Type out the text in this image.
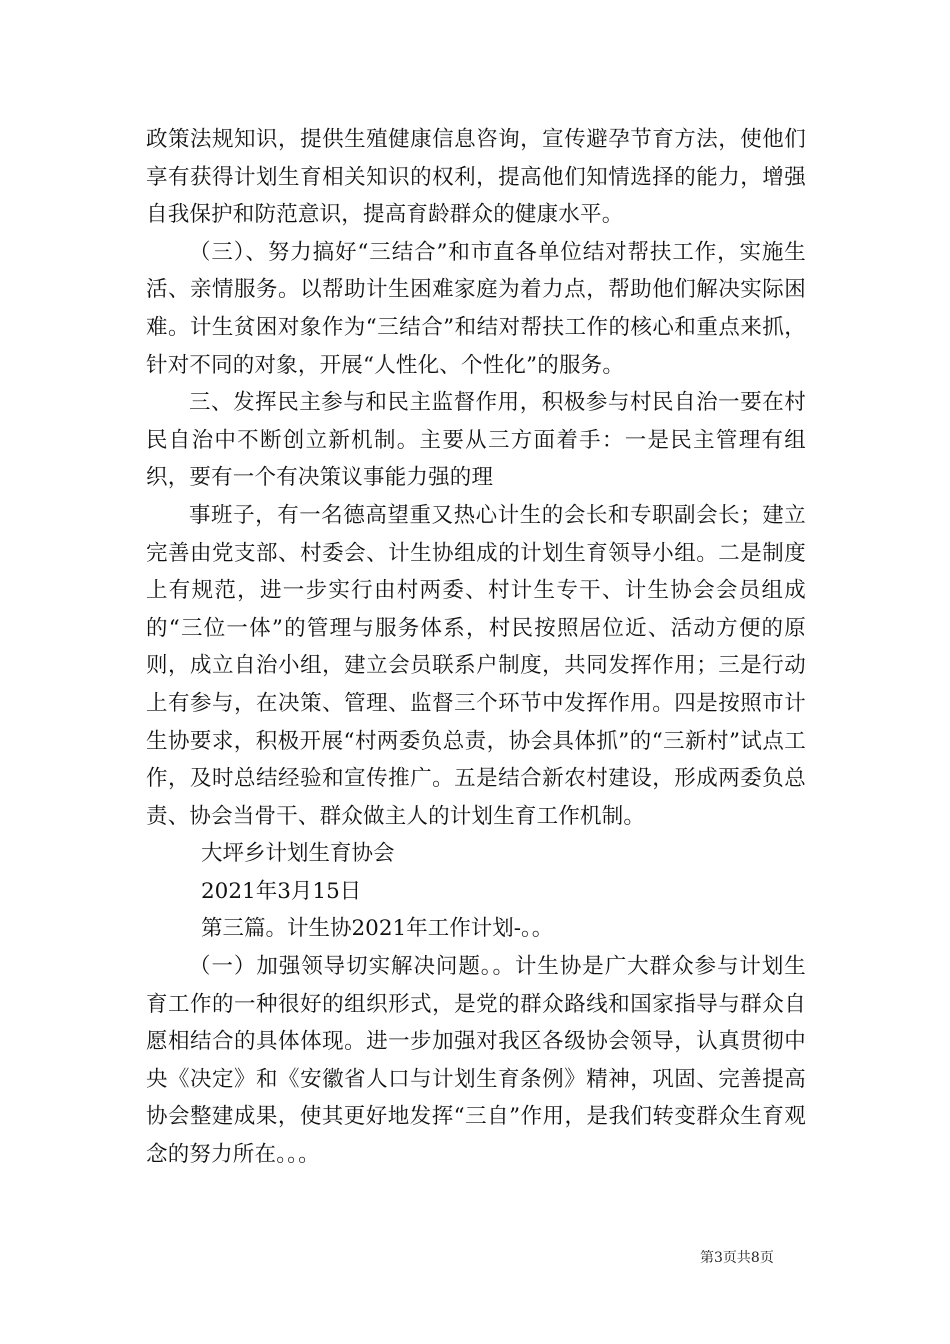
政策法规知识，提供生殖健康信息咨询，宣传避孕节育方法，使他们享有获得计划生育相关知识的权利，提高他们知情选择的能力，增强自我保护和防范意识，提高育龄群众的健康水平。

（三）、努力搞好“三结合”和市直各单位结对帮扶工作，实施生活、亲情服务。以帮助计生困难家庭为着力点，帮助他们解决实际困难。计生贫困对象作为“三结合”和结对帮扶工作的核心和重点来抓，针对不同的对象，开展“人性化、个性化”的服务。

三、发挥民主参与和民主监督作用，积极参与村民自治一要在村民自治中不断创立新机制。主要从三方面着手：一是民主管理有组织，要有一个有决策议事能力强的理

事班子，有一名德高望重又热心计生的会长和专职副会长；建立完善由党支部、村委会、计生协组成的计划生育领导小组。二是制度上有规范，进一步实行由村两委、村计生专干、计生协会会员组成的“三位一体”的管理与服务体系，村民按照居位近、活动方便的原则，成立自治小组，建立会员联系户制度，共同发挥作用；三是行动上有参与，在决策、管理、监督三个环节中发挥作用。四是按照市计生协要求，积极开展“村两委负总责，协会具体抓”的“三新村”试点工作，及时总结经验和宣传推广。五是结合新农村建设，形成两委负总责、协会当骨干、群众做主人的计划生育工作机制。

大坪乡计划生育协会

2021年3月15日

第三篇。计生协2021年工作计划-。。

（一）加强领导切实解决问题。。计生协是广大群众参与计划生育工作的一种很好的组织形式，是党的群众路线和国家指导与群众自愿相结合的具体体现。进一步加强对我区各级协会领导，认真贯彻中央《决定》和《安徽省人口与计划生育条例》精神，巩固、完善提高协会整建成果，使其更好地发挥“三自”作用，是我们转变群众生育观念的努力所在。。。

第3页共8页
